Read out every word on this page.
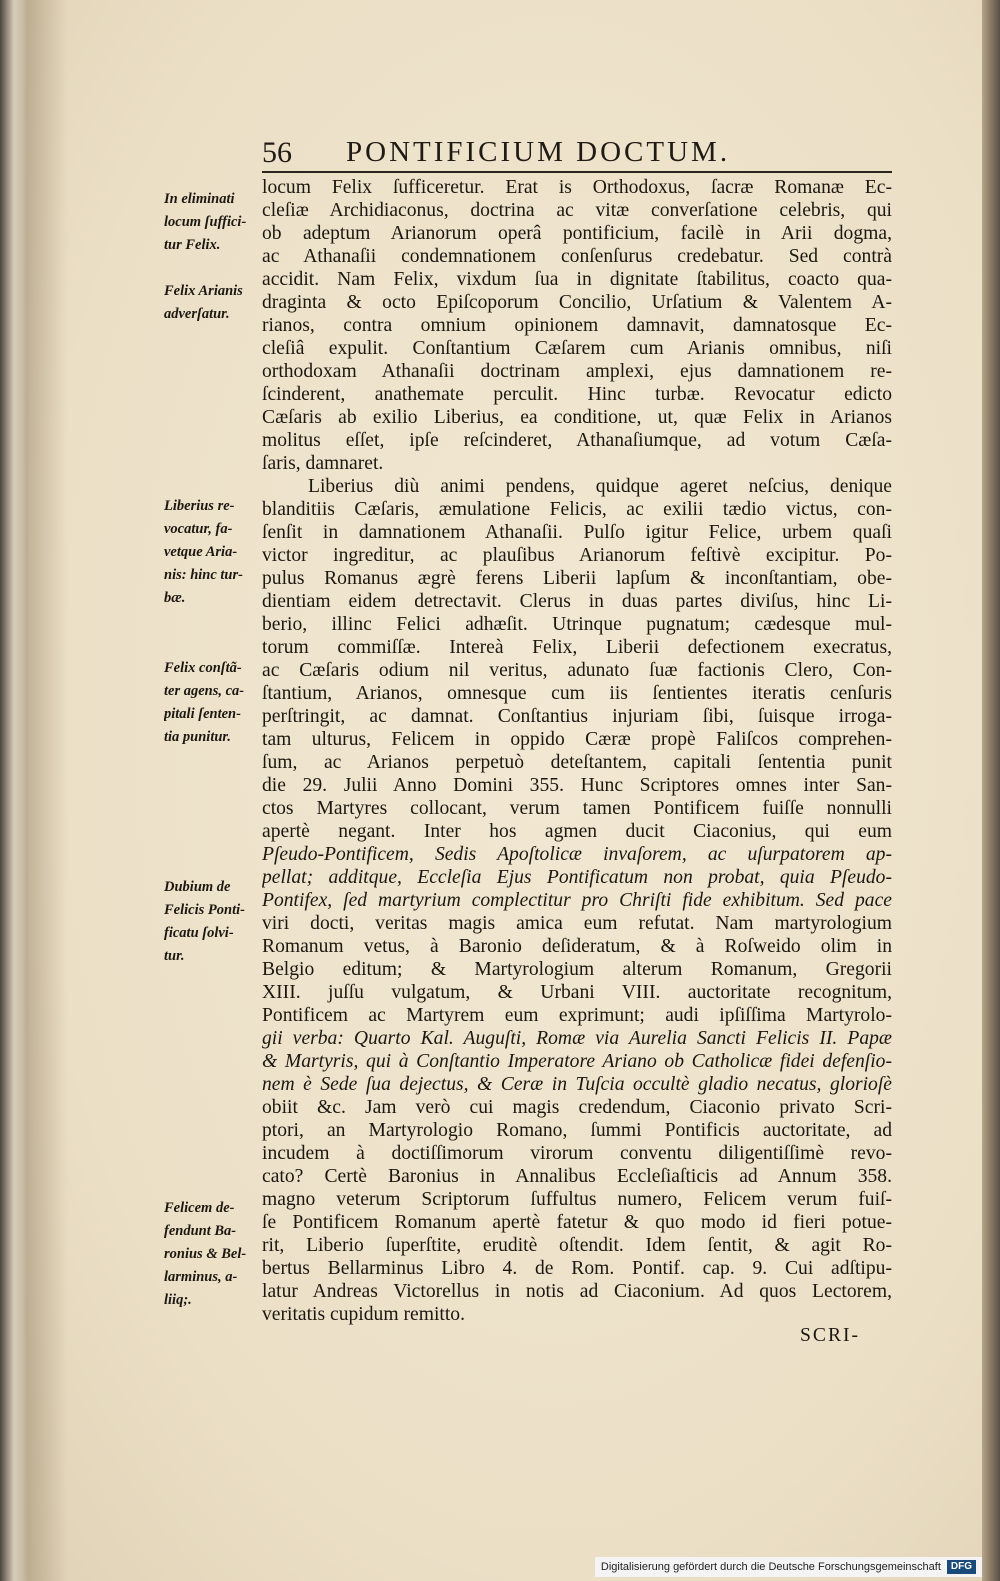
56 PONTIFICIUM DOCTUM.
In eliminati
locum ſuffici-
tur Felix.
Felix Arianis
adverſatur.
Liberius re-
vocatur, fa-
vetque Aria-
nis: hinc tur-
bæ.
Felix conſtã-
ter agens, ca-
pitali ſenten-
tia punitur.
Dubium de
Felicis Ponti-
ficatu ſolvi-
tur.
Felicem de-
fendunt Ba-
ronius & Bel-
larminus, a-
liiq;.
locum Felix ſufficeretur. Erat is Orthodoxus, ſacræ Romanæ Ec-
cleſiæ Archidiaconus, doctrina ac vitæ converſatione celebris, qui
ob adeptum Arianorum operâ pontificium, facilè in Arii dogma,
ac Athanaſii condemnationem conſenſurus credebatur. Sed contrà
accidit. Nam Felix, vixdum ſua in dignitate ſtabilitus, coacto qua-
draginta & octo Epiſcoporum Concilio, Urſatium & Valentem A-
rianos, contra omnium opinionem damnavit, damnatosque Ec-
cleſiâ expulit. Conſtantium Cæſarem cum Arianis omnibus, niſi
orthodoxam Athanaſii doctrinam amplexi, ejus damnationem re-
ſcinderent, anathemate perculit. Hinc turbæ. Revocatur edicto
Cæſaris ab exilio Liberius, ea conditione, ut, quæ Felix in Arianos
molitus eſſet, ipſe reſcinderet, Athanaſiumque, ad votum Cæſa-
ſaris, damnaret.
Liberius diù animi pendens, quidque ageret neſcius, denique
blanditiis Cæſaris, æmulatione Felicis, ac exilii tædio victus, con-
ſenſit in damnationem Athanaſii. Pulſo igitur Felice, urbem quaſi
victor ingreditur, ac plauſibus Arianorum feſtivè excipitur. Po-
pulus Romanus ægrè ferens Liberii lapſum & inconſtantiam, obe-
dientiam eidem detrectavit. Clerus in duas partes diviſus, hinc Li-
berio, illinc Felici adhæſit. Utrinque pugnatum; cædesque mul-
torum commiſſæ. Intereà Felix, Liberii defectionem execratus,
ac Cæſaris odium nil veritus, adunato ſuæ factionis Clero, Con-
ſtantium, Arianos, omnesque cum iis ſentientes iteratis cenſuris
perſtringit, ac damnat. Conſtantius injuriam ſibi, ſuisque irroga-
tam ulturus, Felicem in oppido Cæræ propè Faliſcos comprehen-
ſum, ac Arianos perpetuò deteſtantem, capitali ſententia punit
die 29. Julii Anno Domini 355. Hunc Scriptores omnes inter San-
ctos Martyres collocant, verum tamen Pontificem fuiſſe nonnulli
apertè negant. Inter hos agmen ducit Ciaconius, qui eum
Pſeudo-Pontificem, Sedis Apoſtolicæ invaſorem, ac uſurpatorem ap-
pellat; additque, Eccleſia Ejus Pontificatum non probat, quia Pſeudo-
Pontifex, ſed martyrium complectitur pro Chriſti fide exhibitum. Sed pace
viri docti, veritas magis amica eum refutat. Nam martyrologium
Romanum vetus, à Baronio deſideratum, & à Roſweido olim in
Belgio editum; & Martyrologium alterum Romanum, Gregorii
XIII. juſſu vulgatum, & Urbani VIII. auctoritate recognitum,
Pontificem ac Martyrem eum exprimunt; audi ipſiſſima Martyrolo-
gii verba: Quarto Kal. Auguſti, Romæ via Aurelia Sancti Felicis II. Papæ
& Martyris, qui à Conſtantio Imperatore Ariano ob Catholicæ fidei defenſio-
nem è Sede ſua dejectus, & Ceræ in Tuſcia occultè gladio necatus, glorioſè
obiit &c. Jam verò cui magis credendum, Ciaconio privato Scri-
ptori, an Martyrologio Romano, ſummi Pontificis auctoritate, ad
incudem à doctiſſimorum virorum conventu diligentiſſimè revo-
cato? Certè Baronius in Annalibus Eccleſiaſticis ad Annum 358.
magno veterum Scriptorum ſuffultus numero, Felicem verum fuiſ-
ſe Pontificem Romanum apertè fatetur & quo modo id fieri potue-
rit, Liberio ſuperſtite, eruditè oſtendit. Idem ſentit, & agit Ro-
bertus Bellarminus Libro 4. de Rom. Pontif. cap. 9. Cui adſtipu-
latur Andreas Victorellus in notis ad Ciaconium. Ad quos Lectorem,
veritatis cupidum remitto.
SCRI-
Digitalisierung gefördert durch die Deutsche Forschungsgemeinschaft	DFG
